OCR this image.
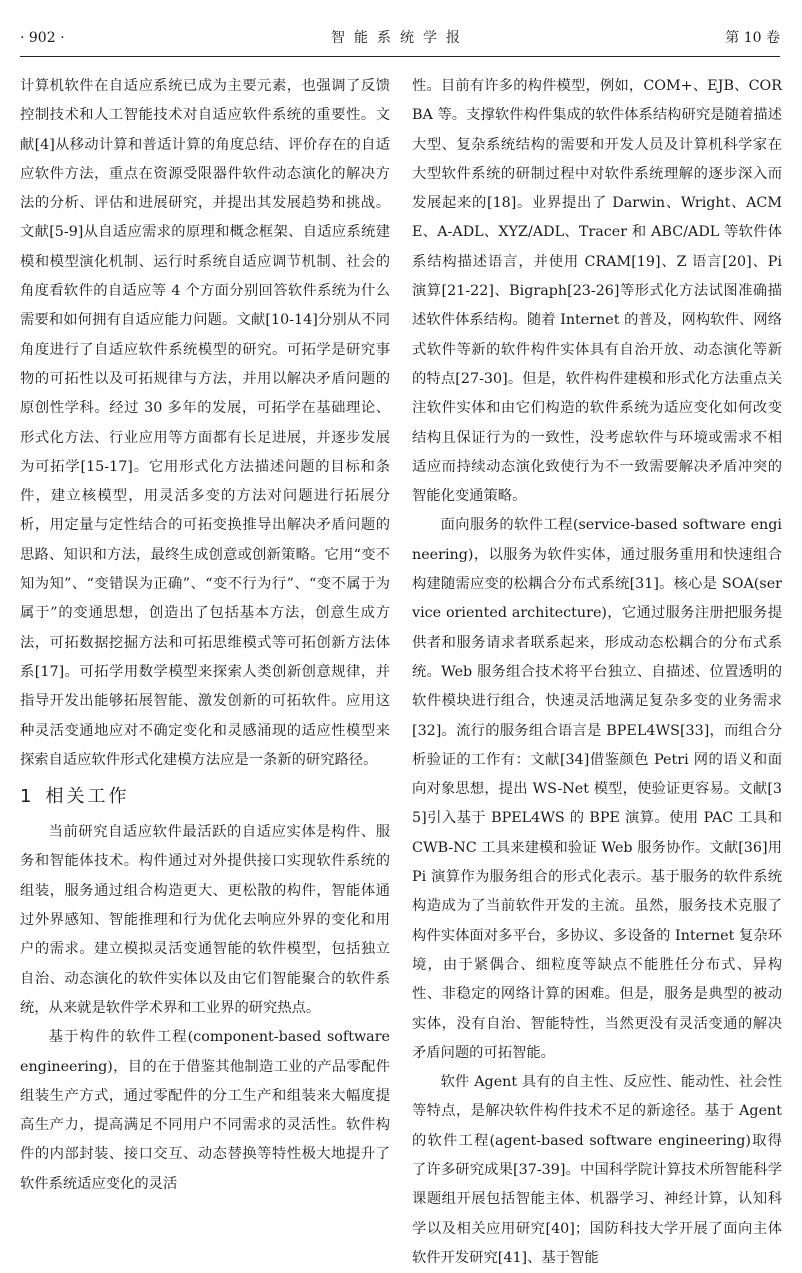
· 902 ·	智能系统学报	第 10 卷

计算机软件在自适应系统已成为主要元素，也强调了反馈控制技术和人工智能技术对自适应软件系统的重要性。文献[4]从移动计算和普适计算的角度总结、评价存在的自适应软件方法，重点在资源受限器件软件动态演化的解决方法的分析、评估和进展研究，并提出其发展趋势和挑战。文献[5-9]从自适应需求的原理和概念框架、自适应系统建模和模型演化机制、运行时系统自适应调节机制、社会的角度看软件的自适应等 4 个方面分别回答软件系统为什么需要和如何拥有自适应能力问题。文献[10-14]分别从不同角度进行了自适应软件系统模型的研究。可拓学是研究事物的可拓性以及可拓规律与方法，并用以解决矛盾问题的原创性学科。经过 30 多年的发展，可拓学在基础理论、形式化方法、行业应用等方面都有长足进展，并逐步发展为可拓学[15-17]。它用形式化方法描述问题的目标和条件，建立核模型，用灵活多变的方法对问题进行拓展分析，用定量与定性结合的可拓变换推导出解决矛盾问题的思路、知识和方法，最终生成创意或创新策略。它用“变不知为知”、“变错误为正确”、“变不行为行”、“变不属于为属于”的变通思想，创造出了包括基本方法，创意生成方法，可拓数据挖掘方法和可拓思维模式等可拓创新方法体系[17]。可拓学用数学模型来探索人类创新创意规律，并指导开发出能够拓展智能、激发创新的可拓软件。应用这种灵活变通地应对不确定变化和灵感涌现的适应性模型来探索自适应软件形式化建模方法应是一条新的研究路径。

1 相关工作

当前研究自适应软件最活跃的自适应实体是构件、服务和智能体技术。构件通过对外提供接口实现软件系统的组装，服务通过组合构造更大、更松散的构件，智能体通过外界感知、智能推理和行为优化去响应外界的变化和用户的需求。建立模拟灵活变通智能的软件模型，包括独立自治、动态演化的软件实体以及由它们智能聚合的软件系统，从来就是软件学术界和工业界的研究热点。

基于构件的软件工程(component-based software engineering)，目的在于借鉴其他制造工业的产品零配件组装生产方式，通过零配件的分工生产和组装来大幅度提高生产力，提高满足不同用户不同需求的灵活性。软件构件的内部封装、接口交互、动态替换等特性极大地提升了软件系统适应变化的灵活

性。目前有许多的构件模型，例如，COM+、EJB、CORBA 等。支撑软件构件集成的软件体系结构研究是随着描述大型、复杂系统结构的需要和开发人员及计算机科学家在大型软件系统的研制过程中对软件系统理解的逐步深入而发展起来的[18]。业界提出了 Darwin、Wright、ACME、A-ADL、XYZ/ADL、Tracer 和 ABC/ADL 等软件体系结构描述语言，并使用 CRAM[19]、Z 语言[20]、Pi 演算[21-22]、Bigraph[23-26]等形式化方法试图准确描述软件体系结构。随着 Internet 的普及，网构软件、网络式软件等新的软件构件实体具有自治开放、动态演化等新的特点[27-30]。但是，软件构件建模和形式化方法重点关注软件实体和由它们构造的软件系统为适应变化如何改变结构且保证行为的一致性，没考虑软件与环境或需求不相适应而持续动态演化致使行为不一致需要解决矛盾冲突的智能化变通策略。

面向服务的软件工程(service-based software engineering)，以服务为软件实体，通过服务重用和快速组合构建随需应变的松耦合分布式系统[31]。核心是 SOA(service oriented architecture)，它通过服务注册把服务提供者和服务请求者联系起来，形成动态松耦合的分布式系统。Web 服务组合技术将平台独立、自描述、位置透明的软件模块进行组合，快速灵活地满足复杂多变的业务需求[32]。流行的服务组合语言是 BPEL4WS[33]，而组合分析验证的工作有：文献[34]借鉴颜色 Petri 网的语义和面向对象思想，提出 WS-Net 模型，使验证更容易。文献[35]引入基于 BPEL4WS 的 BPE 演算。使用 PAC 工具和 CWB-NC 工具来建模和验证 Web 服务协作。文献[36]用 Pi 演算作为服务组合的形式化表示。基于服务的软件系统构造成为了当前软件开发的主流。虽然，服务技术克服了构件实体面对多平台，多协议、多设备的 Internet 复杂环境，由于紧偶合、细粒度等缺点不能胜任分布式、异构性、非稳定的网络计算的困难。但是，服务是典型的被动实体，没有自治、智能特性，当然更没有灵活变通的解决矛盾问题的可拓智能。

软件 Agent 具有的自主性、反应性、能动性、社会性等特点，是解决软件构件技术不足的新途径。基于 Agent 的软件工程(agent-based software engineering)取得了许多研究成果[37-39]。中国科学院计算技术所智能科学课题组开展包括智能主体、机器学习、神经计算，认知科学以及相关应用研究[40]；国防科技大学开展了面向主体软件开发研究[41]、基于智能
